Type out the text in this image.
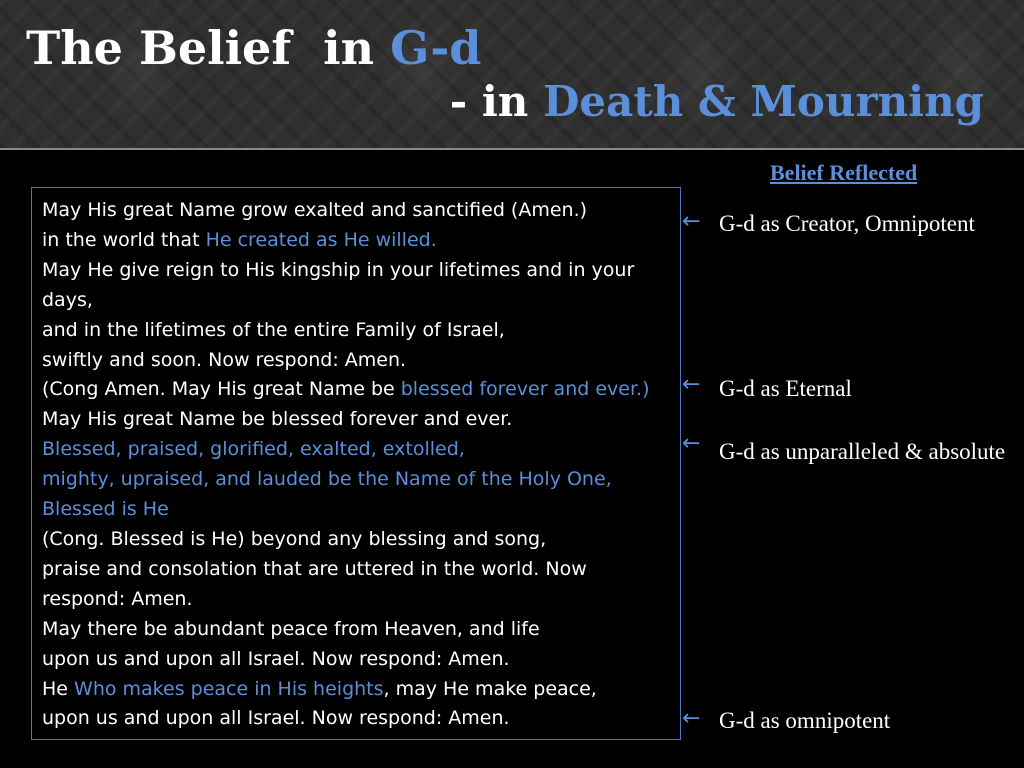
The Belief  in G-d
- in Death & Mourning

May His great Name grow exalted and sanctified (Amen.)

in the world that He created as He willed.

May He give reign to His kingship in your lifetimes and in your

days,

and in the lifetimes of the entire Family of Israel,

swiftly and soon. Now respond: Amen.

(Cong Amen. May His great Name be blessed forever and ever.)

May His great Name be blessed forever and ever.

Blessed, praised, glorified, exalted, extolled,

mighty, upraised, and lauded be the Name of the Holy One,

Blessed is He

(Cong. Blessed is He) beyond any blessing and song,

praise and consolation that are uttered in the world. Now

respond: Amen.

May there be abundant peace from Heaven, and life

upon us and upon all Israel. Now respond: Amen.

He Who makes peace in His heights, may He make peace,

upon us and upon all Israel. Now respond: Amen.

Belief Reflected
← G-d as Creator, Omnipotent
← G-d as Eternal
← G-d as unparalleled & absolute
← G-d as omnipotent
